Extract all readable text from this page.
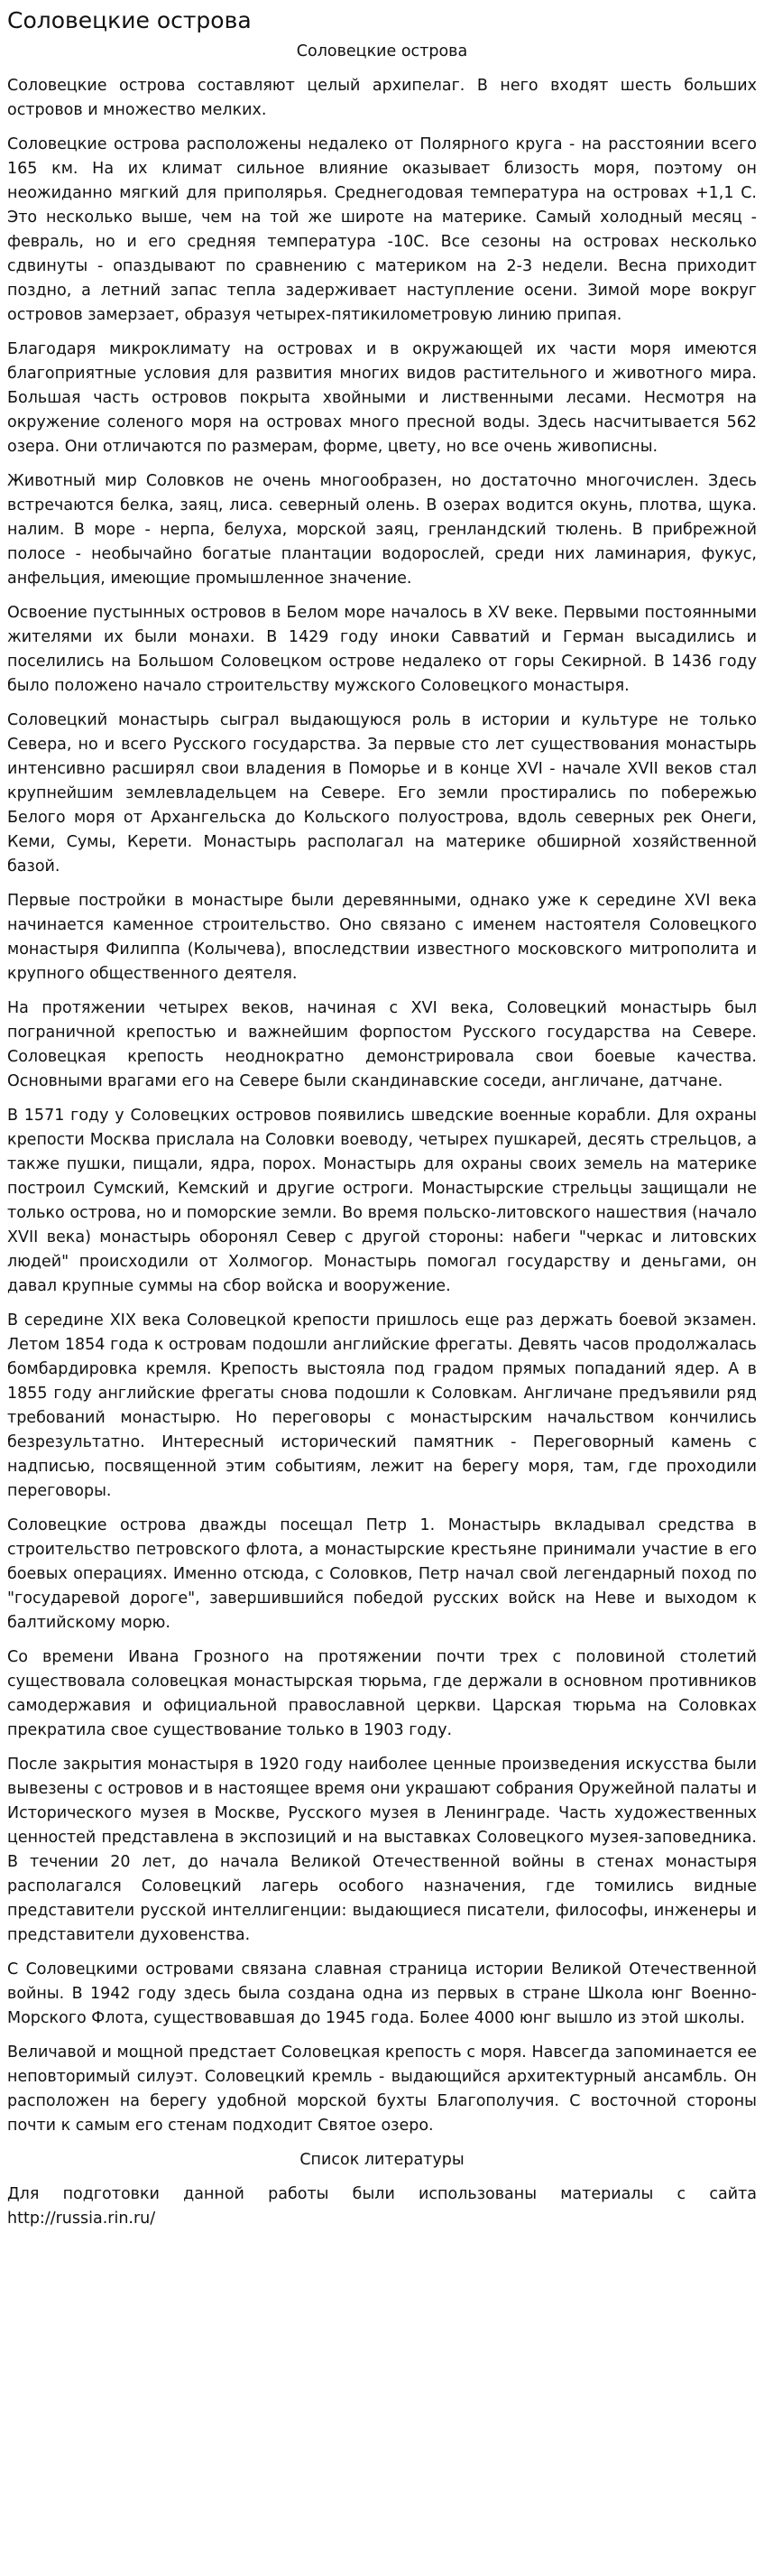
Соловецкие острова
Соловецкие острова

Соловецкие острова составляют целый архипелаг. В него входят шесть больших островов и множество мелких.

Соловецкие острова расположены недалеко от Полярного круга - на расстоянии всего 165 км. На их климат сильное влияние оказывает близость моря, поэтому он неожиданно мягкий для приполярья. Среднегодовая температура на островах +1,1 С. Это несколько выше, чем на той же широте на материке. Самый холодный месяц - февраль, но и его средняя температура -10С. Все сезоны на островах несколько сдвинуты - опаздывают по сравнению с материком на 2-3 недели. Весна приходит поздно, а летний запас тепла задерживает наступление осени. Зимой море вокруг островов замерзает, образуя четырех-пятикилометровую линию припая.

Благодаря микроклимату на островах и в окружающей их части моря имеются благоприятные условия для развития многих видов растительного и животного мира. Большая часть островов покрыта хвойными и лиственными лесами. Несмотря на окружение соленого моря на островах много пресной воды. Здесь насчитывается 562 озера. Они отличаются по размерам, форме, цвету, но все очень живописны.

Животный мир Соловков не очень многообразен, но достаточно многочислен. Здесь встречаются белка, заяц, лиса. северный олень. В озерах водится окунь, плотва, щука. налим. В море - нерпа, белуха, морской заяц, гренландский тюлень. В прибрежной полосе - необычайно богатые плантации водорослей, среди них ламинария, фукус, анфельция, имеющие промышленное значение.

Освоение пустынных островов в Белом море началось в XV веке. Первыми постоянными жителями их были монахи. В 1429 году иноки Савватий и Герман высадились и поселились на Большом Соловецком острове недалеко от горы Секирной. В 1436 году было положено начало строительству мужского Соловецкого монастыря.

Соловецкий монастырь сыграл выдающуюся роль в истории и культуре не только Севера, но и всего Русского государства. За первые сто лет существования монастырь интенсивно расширял свои владения в Поморье и в конце XVI - начале XVII веков стал крупнейшим землевладельцем на Севере. Его земли простирались по побережью Белого моря от Архангельска до Кольского полуострова, вдоль северных рек Онеги, Кеми, Сумы, Керети. Монастырь располагал на материке обширной хозяйственной базой.

Первые постройки в монастыре были деревянными, однако уже к середине XVI века начинается каменное строительство. Оно связано с именем настоятеля Соловецкого монастыря Филиппа (Колычева), впоследствии известного московского митрополита и крупного общественного деятеля.

На протяжении четырех веков, начиная с XVI века, Соловецкий монастырь был пограничной крепостью и важнейшим форпостом Русского государства на Севере. Соловецкая крепость неоднократно демонстрировала свои боевые качества. Основными врагами его на Севере были скандинавские соседи, англичане, датчане.

В 1571 году у Соловецких островов появились шведские военные корабли. Для охраны крепости Москва прислала на Соловки воеводу, четырех пушкарей, десять стрельцов, а также пушки, пищали, ядра, порох. Монастырь для охраны своих земель на материке построил Сумский, Кемский и другие остроги. Монастырские стрельцы защищали не только острова, но и поморские земли. Во время польско-литовского нашествия (начало XVII века) монастырь оборонял Север с другой стороны: набеги "черкас и литовских людей" происходили от Холмогор. Монастырь помогал государству и деньгами, он давал крупные суммы на сбор войска и вооружение.

В середине XIX века Соловецкой крепости пришлось еще раз держать боевой экзамен. Летом 1854 года к островам подошли английские фрегаты. Девять часов продолжалась бомбардировка кремля. Крепость выстояла под градом прямых попаданий ядер. А в 1855 году английские фрегаты снова подошли к Соловкам. Англичане предъявили ряд требований монастырю. Но переговоры с монастырским начальством кончились безрезультатно. Интересный исторический памятник - Переговорный камень с надписью, посвященной этим событиям, лежит на берегу моря, там, где проходили переговоры.

Соловецкие острова дважды посещал Петр 1. Монастырь вкладывал средства в строительство петровского флота, а монастырские крестьяне принимали участие в его боевых операциях. Именно отсюда, с Соловков, Петр начал свой легендарный поход по "государевой дороге", завершившийся победой русских войск на Неве и выходом к балтийскому морю.

Со времени Ивана Грозного на протяжении почти трех с половиной столетий существовала соловецкая монастырская тюрьма, где держали в основном противников самодержавия и официальной православной церкви. Царская тюрьма на Соловках прекратила свое существование только в 1903 году.

После закрытия монастыря в 1920 году наиболее ценные произведения искусства были вывезены с островов и в настоящее время они украшают собрания Оружейной палаты и Исторического музея в Москве, Русского музея в Ленинграде. Часть художественных ценностей представлена в экспозиций и на выставках Соловецкого музея-заповедника. В течении 20 лет, до начала Великой Отечественной войны в стенах монастыря располагался Соловецкий лагерь особого назначения, где томились видные представители русской интеллигенции: выдающиеся писатели, философы, инженеры и представители духовенства.

С Соловецкими островами связана славная страница истории Великой Отечественной войны. В 1942 году здесь была создана одна из первых в стране Школа юнг Военно-Морского Флота, существовавшая до 1945 года. Более 4000 юнг вышло из этой школы.

Величавой и мощной предстает Соловецкая крепость с моря. Навсегда запоминается ее неповторимый силуэт. Соловецкий кремль - выдающийся архитектурный ансамбль. Он расположен на берегу удобной морской бухты Благополучия. С восточной стороны почти к самым его стенам подходит Святое озеро.

Список литературы

Для подготовки данной работы были использованы материалы с сайта http://russia.rin.ru/
